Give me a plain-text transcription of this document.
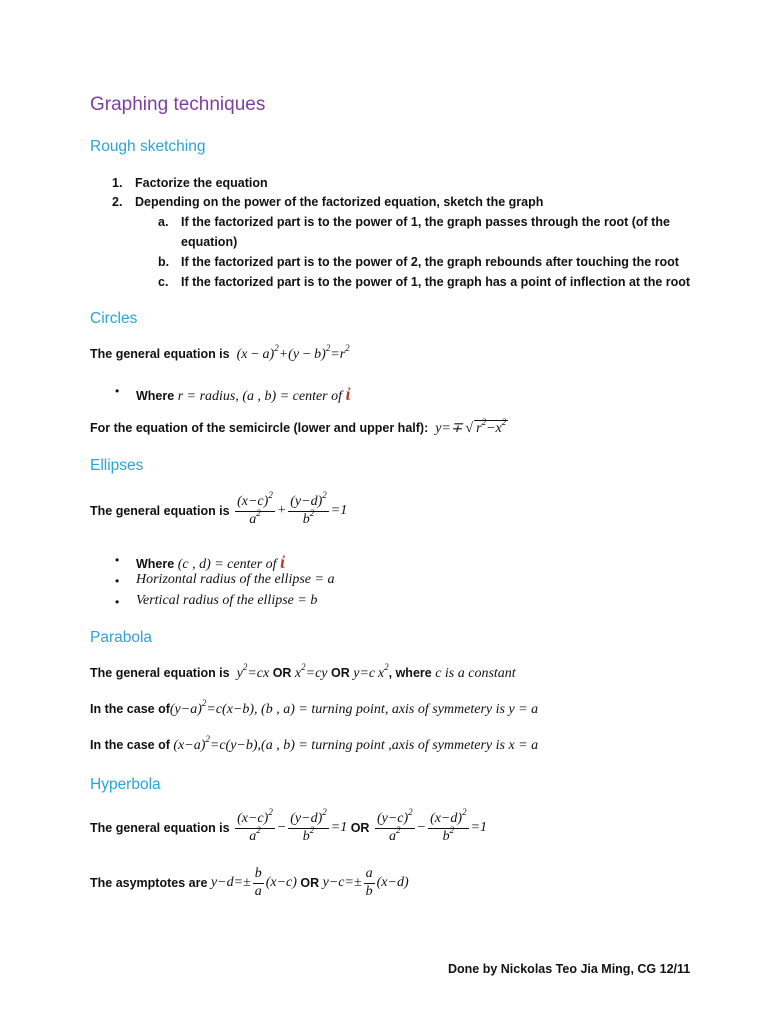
Graphing techniques
Rough sketching
1. Factorize the equation
2. Depending on the power of the factorized equation, sketch the graph
a. If the factorized part is to the power of 1, the graph passes through the root (of the
equation)
b. If the factorized part is to the power of 2, the graph rebounds after touching the root
c. If the factorized part is to the power of 1, the graph has a point of inflection at the root
Circles
The general equation is  $(x - a)^2+(y - b)^2=r^2$
• Where r = radius, (a , b) = center of ἰ
For the equation of the semicircle (lower and upper half):  y=∓ √ $r^2-x^2$
Ellipses
The general equation is $\frac{(x-c)^2}{a^2} + \frac{(y-d)^2}{b^2} =1$
• Where (c , d) = center of ἰ
• Horizontal radius of the ellipse = a
• Vertical radius of the ellipse = b
Parabola
The general equation is  $y^2=cx$ OR $x^2=cy$ OR y=c $x^2$, where c is a constant
In the case $of(y-a)^2=c(x-b)$, (b , a) = turning point, axis of symmetery is y = a
In the case of $(x-a)^2=c(y-b),(a$ , b) = turning point ,axis of symmetery is x = a
Hyperbola
The general equation is $\frac{(x-c)^2}{a^2} - \frac{(y-d)^2}{b^2} =1$ OR $\frac{(y-c)^2}{a^2} - \frac{(x-d)^2}{b^2} =1$
The asymptotes are $y-d=\pm \frac{b}{a} (x-c)$ OR $y-c=\pm \frac{a}{b} (x-d)$
Done by Nickolas Teo Jia Ming, CG 12/11
